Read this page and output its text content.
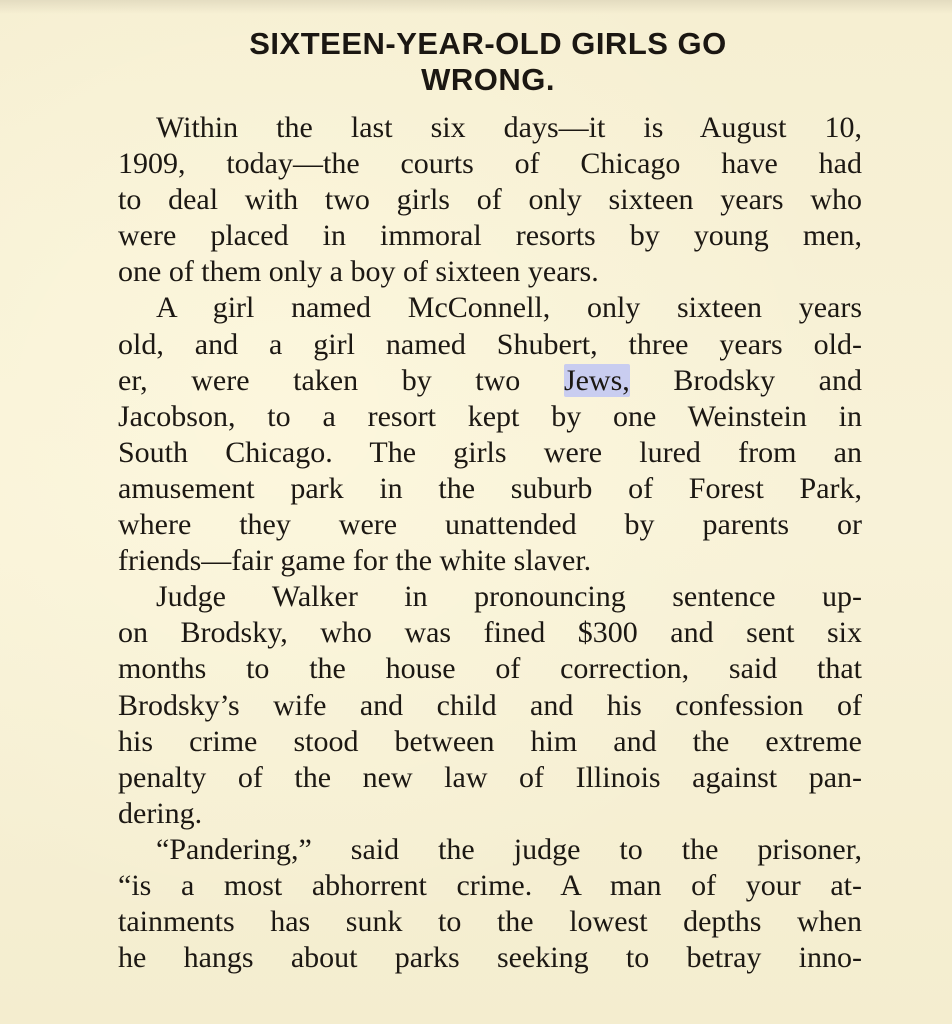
SIXTEEN-YEAR-OLD GIRLS GO
WRONG.
Within the last six days—it is August 10,
1909, today—the courts of Chicago have had
to deal with two girls of only sixteen years who
were placed in immoral resorts by young men,
one of them only a boy of sixteen years.
A girl named McConnell, only sixteen years
old, and a girl named Shubert, three years old-
er, were taken by two Jews, Brodsky and
Jacobson, to a resort kept by one Weinstein in
South Chicago. The girls were lured from an
amusement park in the suburb of Forest Park,
where they were unattended by parents or
friends—fair game for the white slaver.
Judge Walker in pronouncing sentence up-
on Brodsky, who was fined $300 and sent six
months to the house of correction, said that
Brodsky’s wife and child and his confession of
his crime stood between him and the extreme
penalty of the new law of Illinois against pan-
dering.
“Pandering,” said the judge to the prisoner,
“is a most abhorrent crime. A man of your at-
tainments has sunk to the lowest depths when
he hangs about parks seeking to betray inno-
